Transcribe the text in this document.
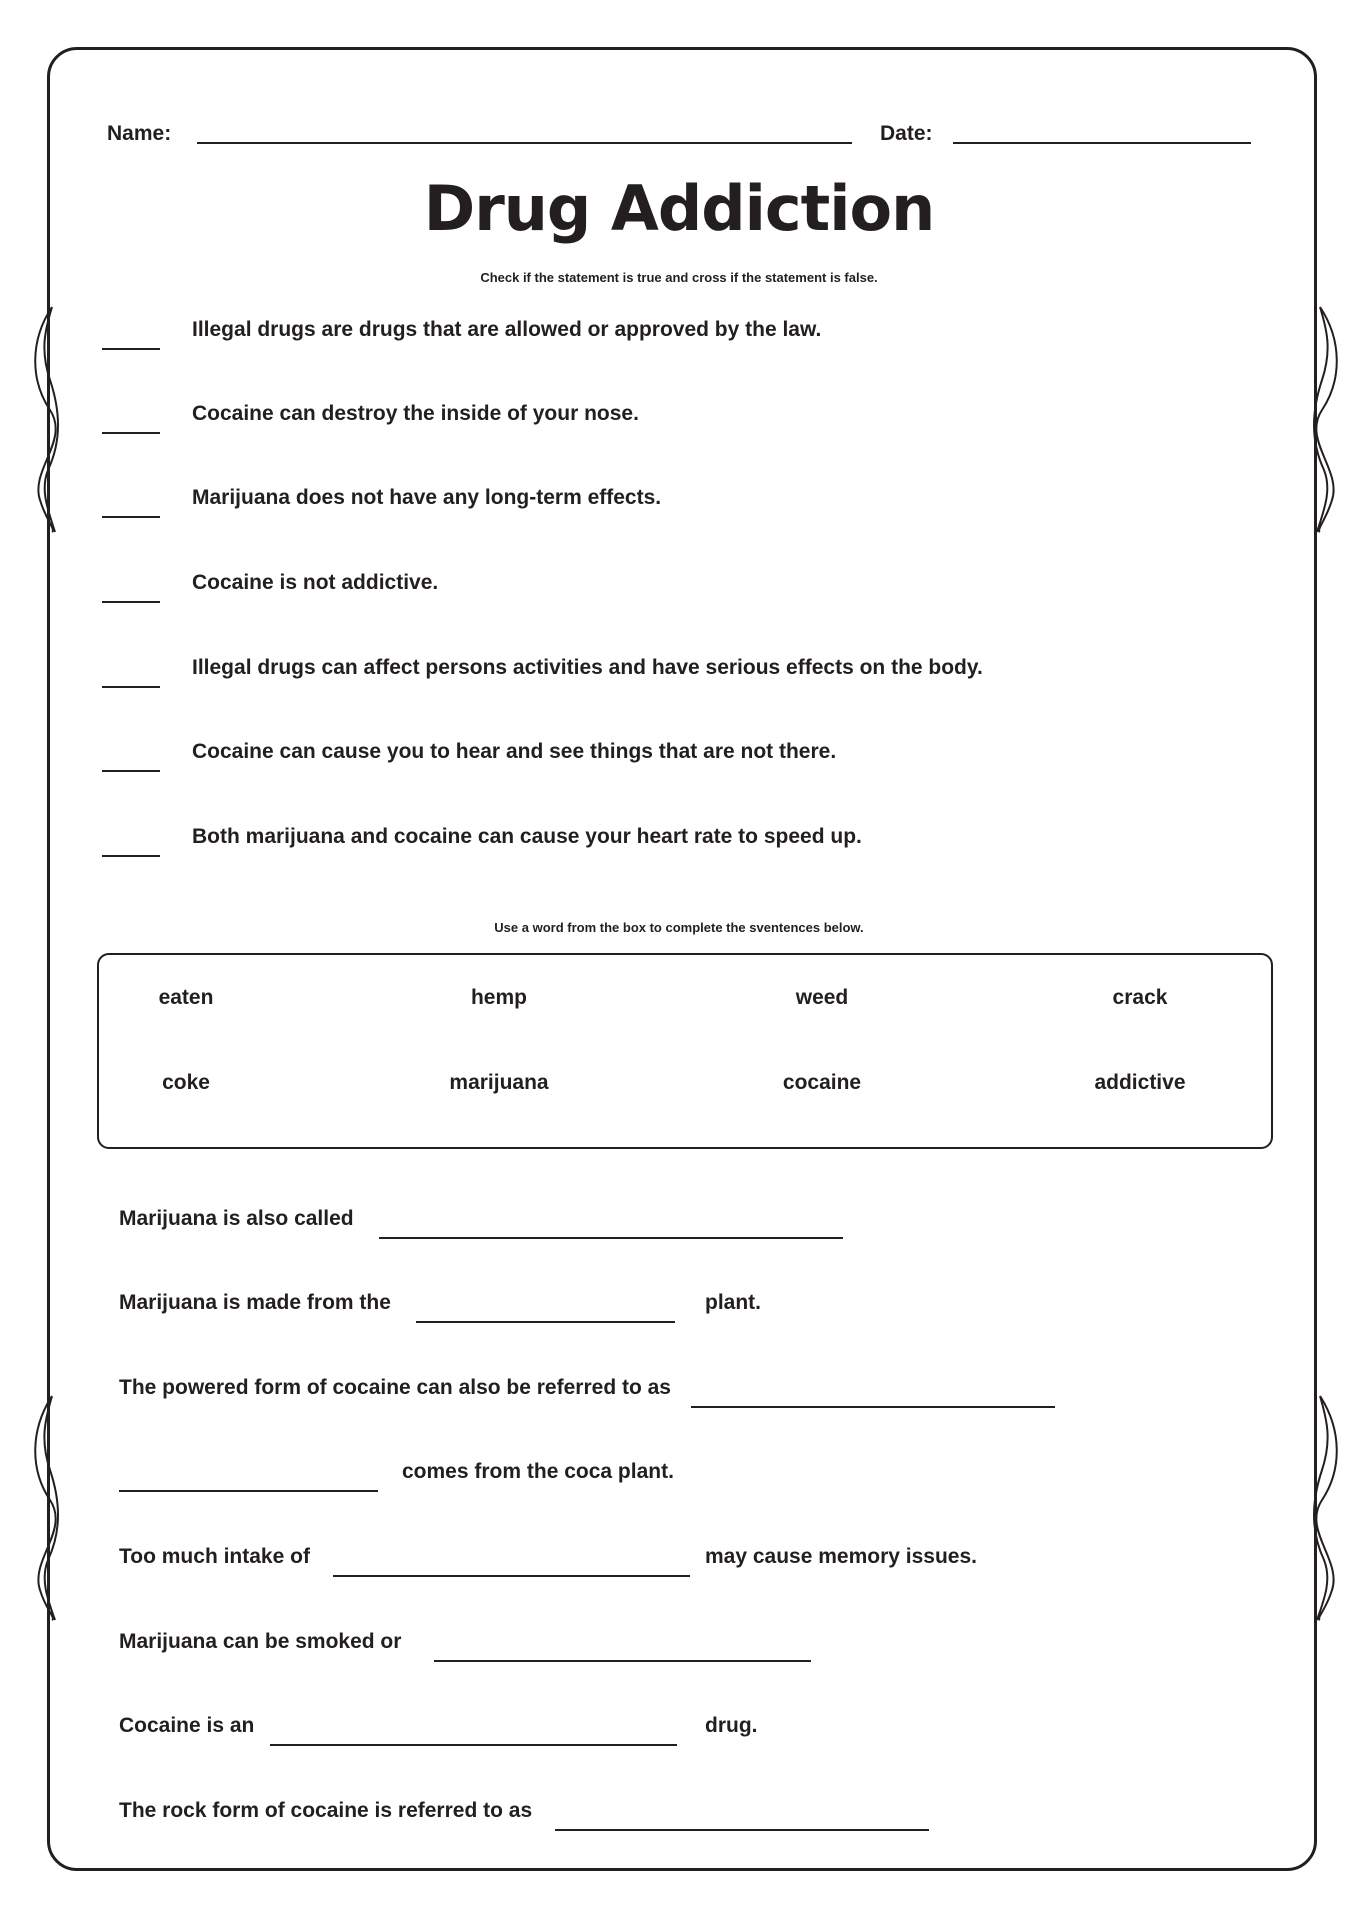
Name:	Date:
Drug Addiction
Check if the statement is true and cross if the statement is false.
Illegal drugs are drugs that are allowed or approved by the law.
Cocaine can destroy the inside of your nose.
Marijuana does not have any long-term effects.
Cocaine is not addictive.
Illegal drugs can affect persons activities and have serious effects on the body.
Cocaine can cause you to hear and see things that are not there.
Both marijuana and cocaine can cause your heart rate to speed up.
Use a word from the box to complete the sventences below.
eaten	hemp	weed	crack
coke	marijuana	cocaine	addictive
Marijuana is also called
Marijuana is made from the	plant.
The powered form of cocaine can also be referred to as
comes from the coca plant.
Too much intake of	may cause memory issues.
Marijuana can be smoked or
Cocaine is an	drug.
The rock form of cocaine is referred to as
